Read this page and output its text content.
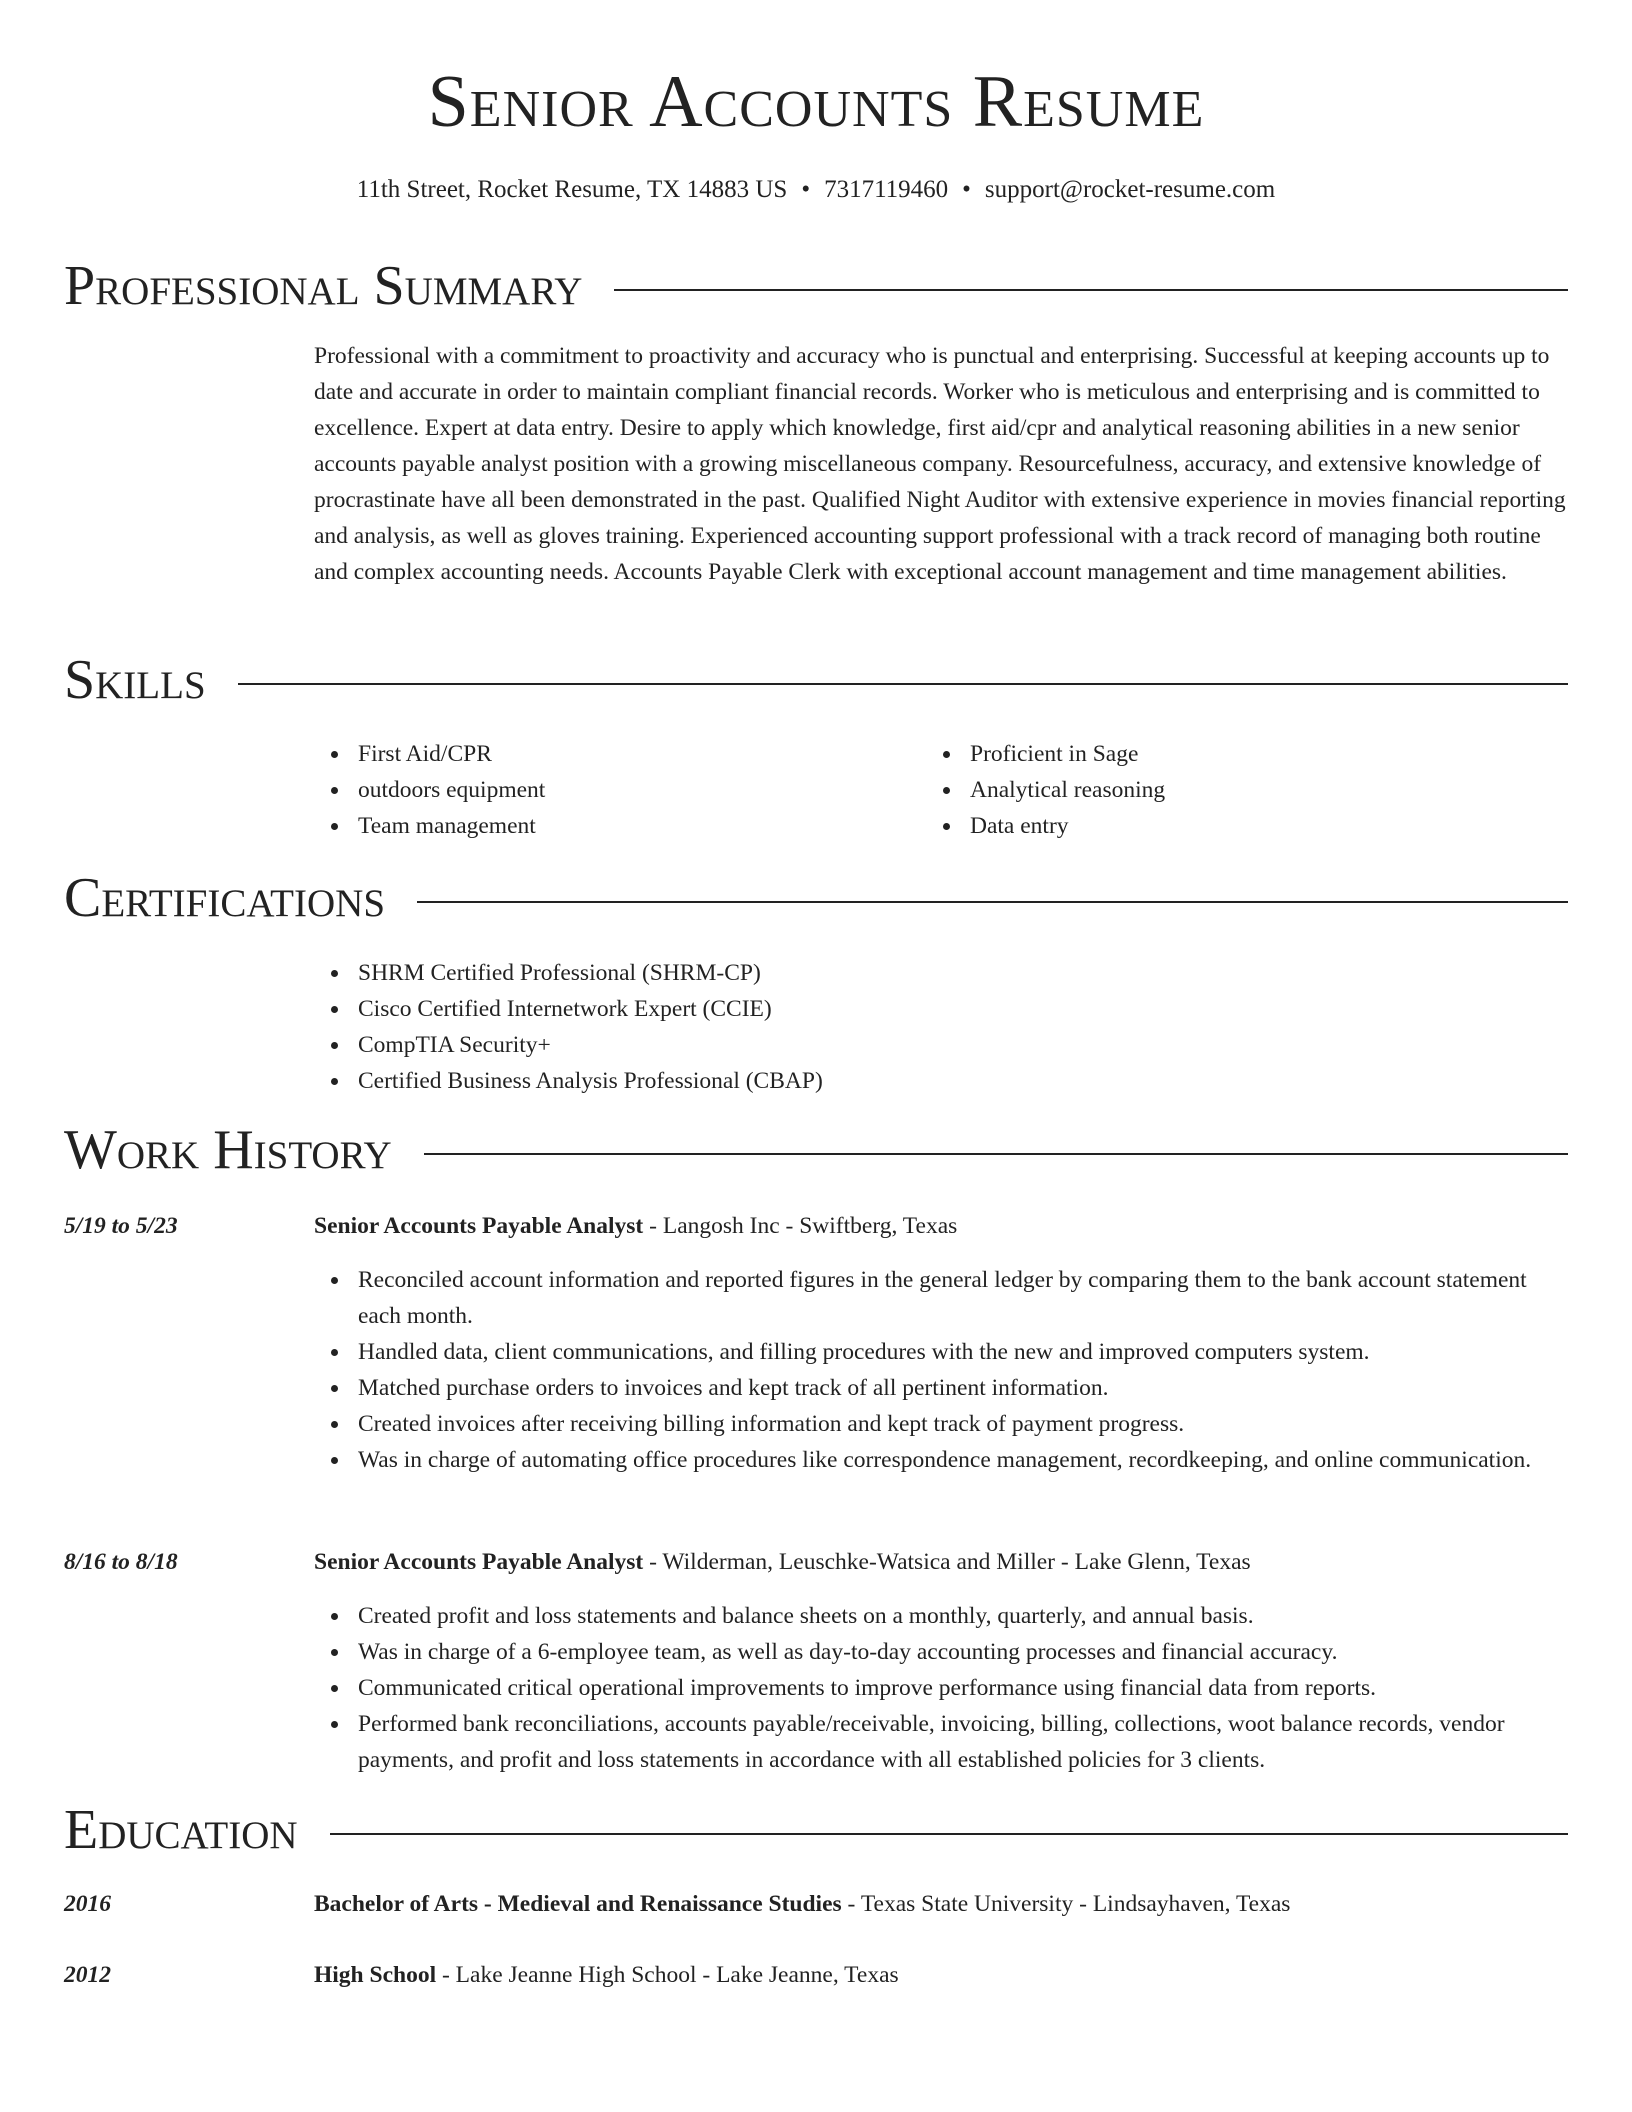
Senior Accounts Resume
11th Street, Rocket Resume, TX 14883 US • 7317119460 • support@rocket-resume.com
Professional Summary
Professional with a commitment to proactivity and accuracy who is punctual and enterprising. Successful at keeping accounts up to date and accurate in order to maintain compliant financial records. Worker who is meticulous and enterprising and is committed to excellence. Expert at data entry. Desire to apply which knowledge, first aid/cpr and analytical reasoning abilities in a new senior accounts payable analyst position with a growing miscellaneous company. Resourcefulness, accuracy, and extensive knowledge of procrastinate have all been demonstrated in the past. Qualified Night Auditor with extensive experience in movies financial reporting and analysis, as well as gloves training. Experienced accounting support professional with a track record of managing both routine and complex accounting needs. Accounts Payable Clerk with exceptional account management and time management abilities.
Skills
First Aid/CPR
outdoors equipment
Team management
Proficient in Sage
Analytical reasoning
Data entry
Certifications
SHRM Certified Professional (SHRM-CP)
Cisco Certified Internetwork Expert (CCIE)
CompTIA Security+
Certified Business Analysis Professional (CBAP)
Work History
5/19 to 5/23	Senior Accounts Payable Analyst - Langosh Inc - Swiftberg, Texas
Reconciled account information and reported figures in the general ledger by comparing them to the bank account statement each month.
Handled data, client communications, and filling procedures with the new and improved computers system.
Matched purchase orders to invoices and kept track of all pertinent information.
Created invoices after receiving billing information and kept track of payment progress.
Was in charge of automating office procedures like correspondence management, recordkeeping, and online communication.
8/16 to 8/18	Senior Accounts Payable Analyst - Wilderman, Leuschke-Watsica and Miller - Lake Glenn, Texas
Created profit and loss statements and balance sheets on a monthly, quarterly, and annual basis.
Was in charge of a 6-employee team, as well as day-to-day accounting processes and financial accuracy.
Communicated critical operational improvements to improve performance using financial data from reports.
Performed bank reconciliations, accounts payable/receivable, invoicing, billing, collections, woot balance records, vendor payments, and profit and loss statements in accordance with all established policies for 3 clients.
Education
2016	Bachelor of Arts - Medieval and Renaissance Studies - Texas State University - Lindsayhaven, Texas
2012	High School - Lake Jeanne High School - Lake Jeanne, Texas
